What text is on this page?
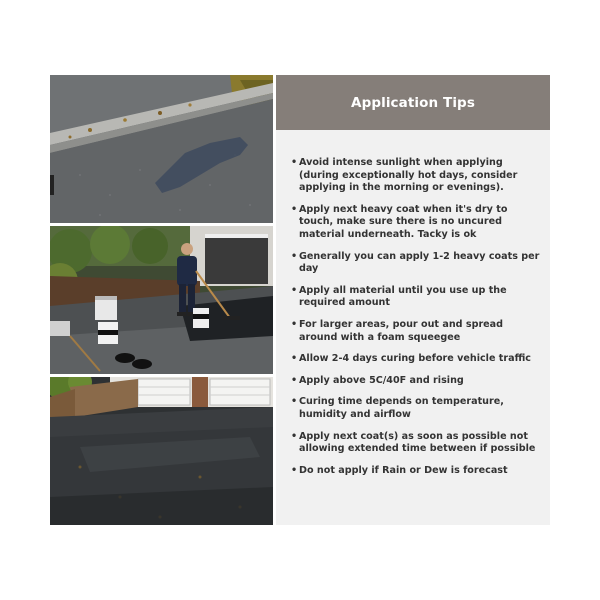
Application Tips
• Avoid intense sunlight when applying (during exceptionally hot days, consider applying in the morning or evenings).
• Apply next heavy coat when it's dry to touch, make sure there is no uncured material underneath. Tacky is ok
• Generally you can apply 1-2 heavy coats per day
• Apply all material until you use up the required amount
• For larger areas, pour out and spread around with a foam squeegee
• Allow 2-4 days curing before vehicle traffic
• Apply above 5C/40F and rising
• Curing time depends on temperature, humidity and airflow
• Apply next coat(s) as soon as possible not allowing extended time between if possible
• Do not apply if Rain or Dew is forecast
